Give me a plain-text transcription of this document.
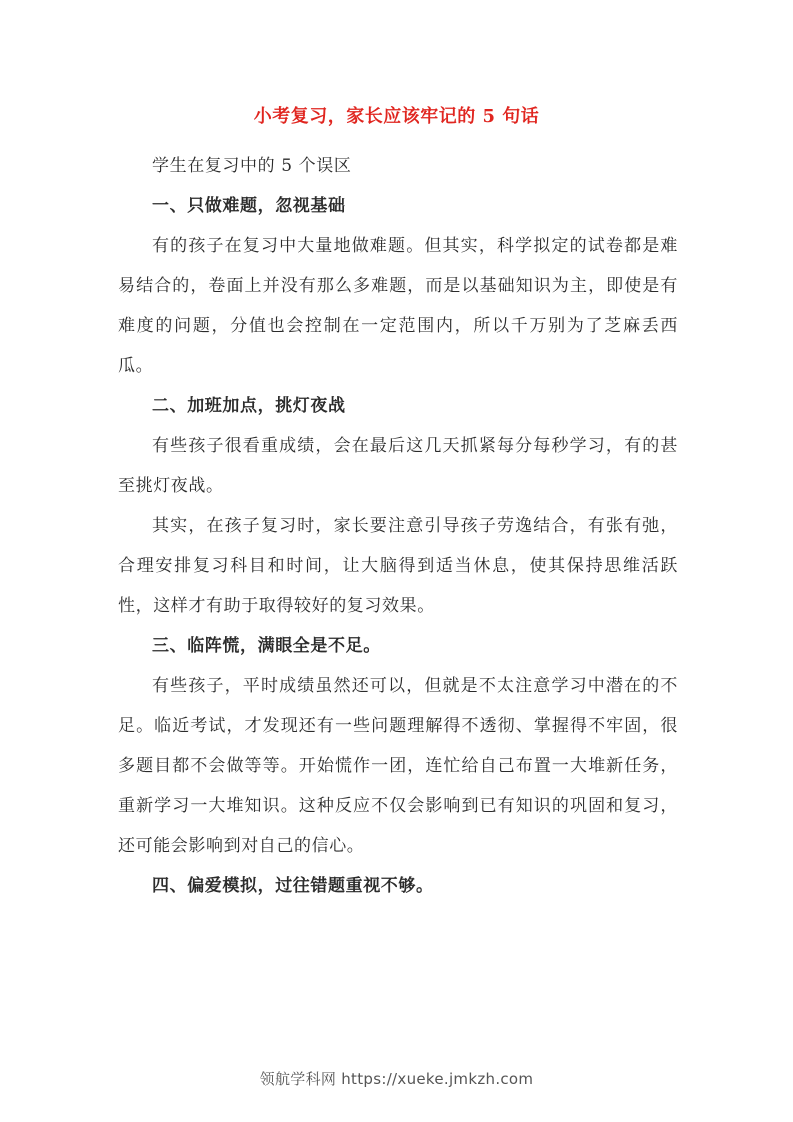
小考复习，家长应该牢记的 5 句话

学生在复习中的 5 个误区

一、只做难题，忽视基础

有的孩子在复习中大量地做难题。但其实，科学拟定的试卷都是难易结合的，卷面上并没有那么多难题，而是以基础知识为主，即使是有难度的问题，分值也会控制在一定范围内，所以千万别为了芝麻丢西瓜。

二、加班加点，挑灯夜战

有些孩子很看重成绩，会在最后这几天抓紧每分每秒学习，有的甚至挑灯夜战。

其实，在孩子复习时，家长要注意引导孩子劳逸结合，有张有弛，合理安排复习科目和时间，让大脑得到适当休息，使其保持思维活跃性，这样才有助于取得较好的复习效果。

三、临阵慌，满眼全是不足。

有些孩子，平时成绩虽然还可以，但就是不太注意学习中潜在的不足。临近考试，才发现还有一些问题理解得不透彻、掌握得不牢固，很多题目都不会做等等。开始慌作一团，连忙给自己布置一大堆新任务，重新学习一大堆知识。这种反应不仅会影响到已有知识的巩固和复习，还可能会影响到对自己的信心。

四、偏爱模拟，过往错题重视不够。

领航学科网 https://xueke.jmkzh.com
